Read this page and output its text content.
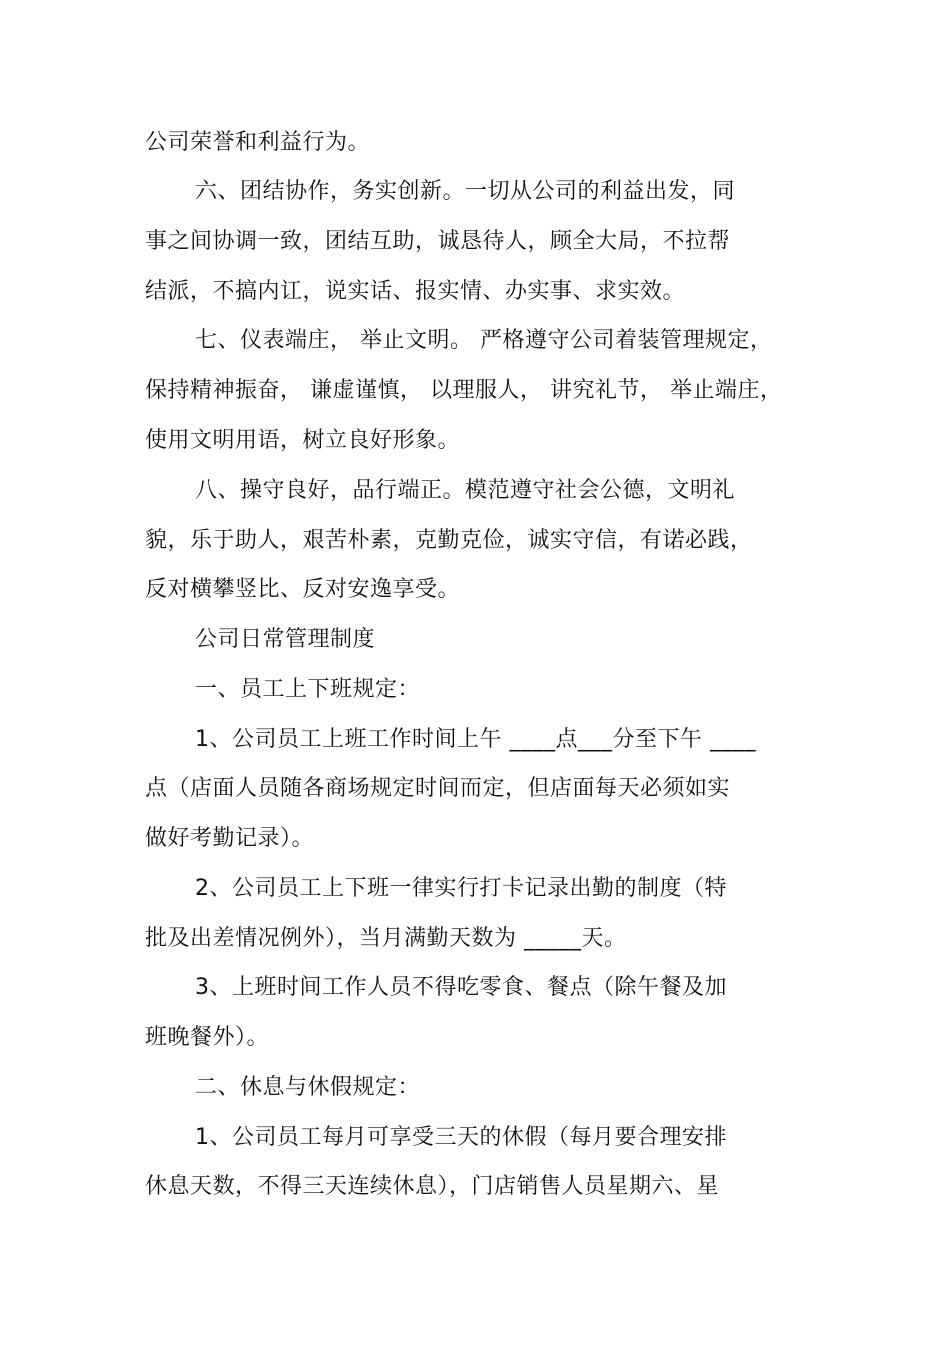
公司荣誉和利益行为。
六、团结协作，务实创新。一切从公司的利益出发，同
事之间协调一致，团结互助，诚恳待人，顾全大局，不拉帮
结派，不搞内讧，说实话、报实情、办实事、求实效。
七、仪表端庄， 举止文明。 严格遵守公司着装管理规定，
保持精神振奋， 谦虚谨慎， 以理服人， 讲究礼节， 举止端庄，
使用文明用语，树立良好形象。
八、操守良好，品行端正。模范遵守社会公德，文明礼
貌，乐于助人，艰苦朴素，克勤克俭，诚实守信，有诺必践，
反对横攀竖比、反对安逸享受。
公司日常管理制度
一、员工上下班规定：
1、公司员工上班工作时间上午 ____点___分至下午 ____
点（店面人员随各商场规定时间而定，但店面每天必须如实
做好考勤记录）。
2、公司员工上下班一律实行打卡记录出勤的制度（特
批及出差情况例外），当月满勤天数为 _____天。
3、上班时间工作人员不得吃零食、餐点（除午餐及加
班晚餐外）。
二、休息与休假规定：
1、公司员工每月可享受三天的休假（每月要合理安排
休息天数，不得三天连续休息），门店销售人员星期六、星
